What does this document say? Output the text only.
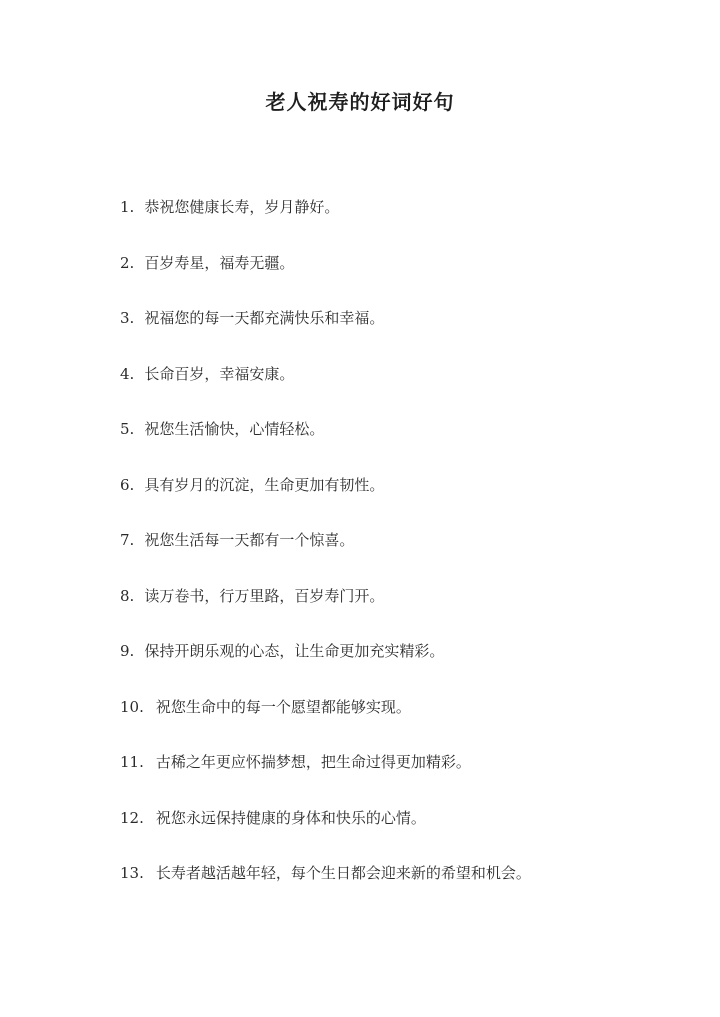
老人祝寿的好词好句
1. 恭祝您健康长寿，岁月静好。
2. 百岁寿星，福寿无疆。
3. 祝福您的每一天都充满快乐和幸福。
4. 长命百岁，幸福安康。
5. 祝您生活愉快，心情轻松。
6. 具有岁月的沉淀，生命更加有韧性。
7. 祝您生活每一天都有一个惊喜。
8. 读万卷书，行万里路，百岁寿门开。
9. 保持开朗乐观的心态，让生命更加充实精彩。
10. 祝您生命中的每一个愿望都能够实现。
11. 古稀之年更应怀揣梦想，把生命过得更加精彩。
12. 祝您永远保持健康的身体和快乐的心情。
13. 长寿者越活越年轻，每个生日都会迎来新的希望和机会。
